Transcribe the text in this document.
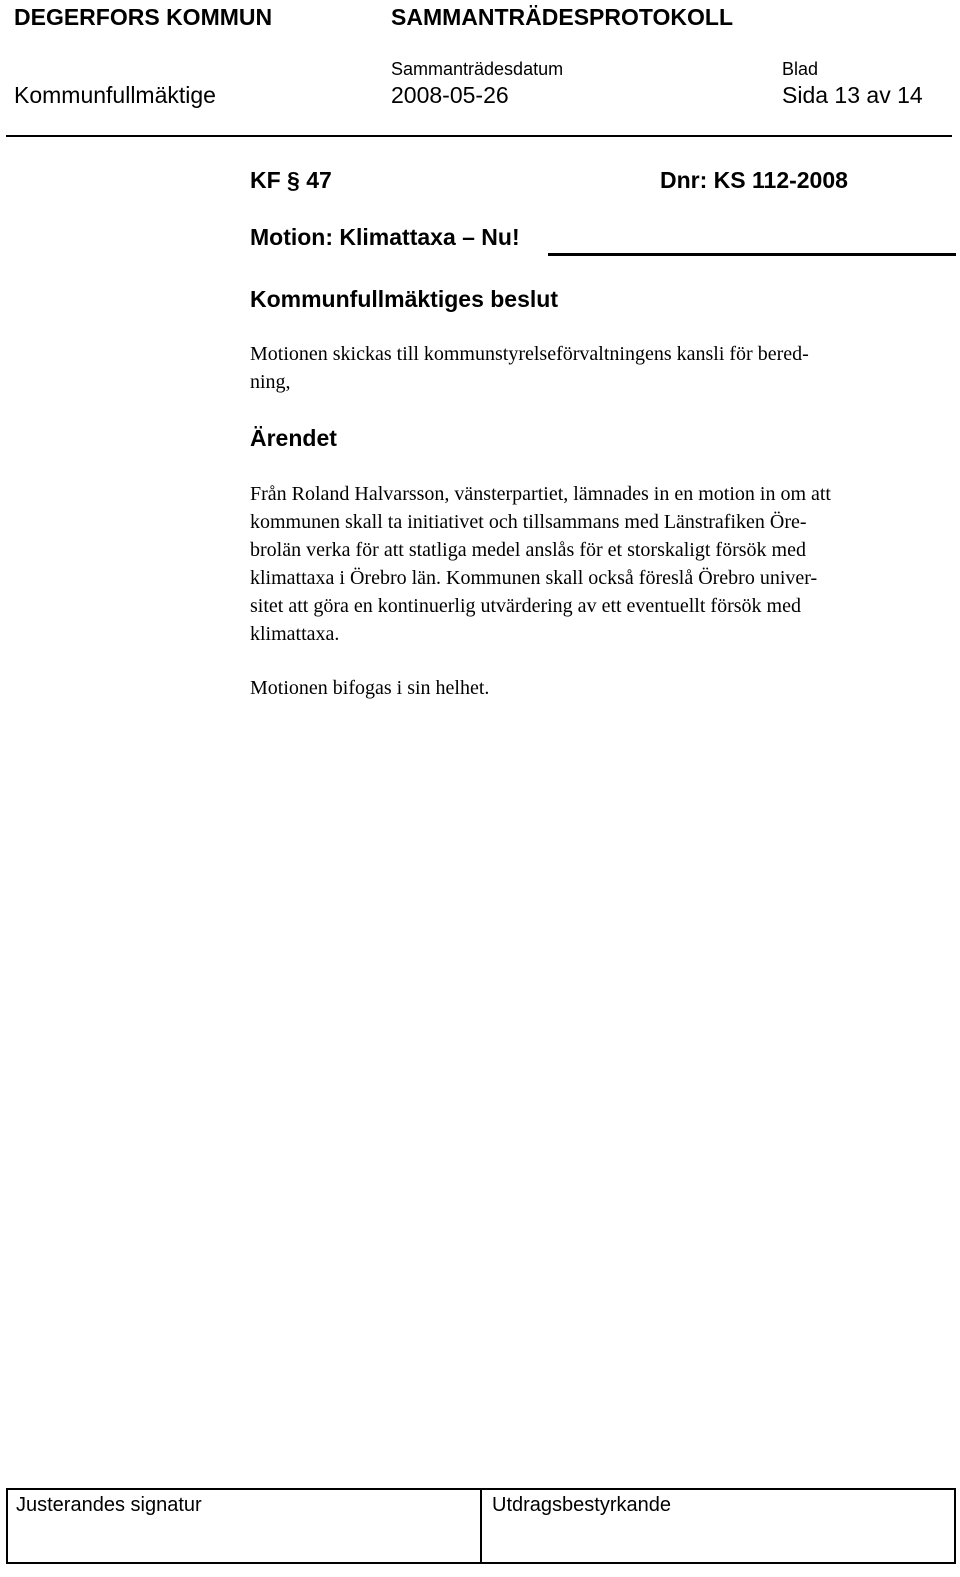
DEGERFORS KOMMUN	SAMMANTRÄDESPROTOKOLL
Sammanträdesdatum	Blad
Kommunfullmäktige	2008-05-26	Sida 13 av 14
KF § 47	Dnr: KS 112-2008
Motion: Klimattaxa – Nu!
Kommunfullmäktiges beslut
Motionen skickas till kommunstyrelseförvaltningens kansli för bered-
ning,
Ärendet
Från Roland Halvarsson, vänsterpartiet, lämnades in en motion in om att
kommunen skall ta initiativet och tillsammans med Länstrafiken Öre-
brolän verka för att statliga medel anslås för et storskaligt försök med
klimattaxa i Örebro län. Kommunen skall också föreslå Örebro univer-
sitet att göra en kontinuerlig utvärdering av ett eventuellt försök med
klimattaxa.
Motionen bifogas i sin helhet.
Justerandes signatur	Utdragsbestyrkande
